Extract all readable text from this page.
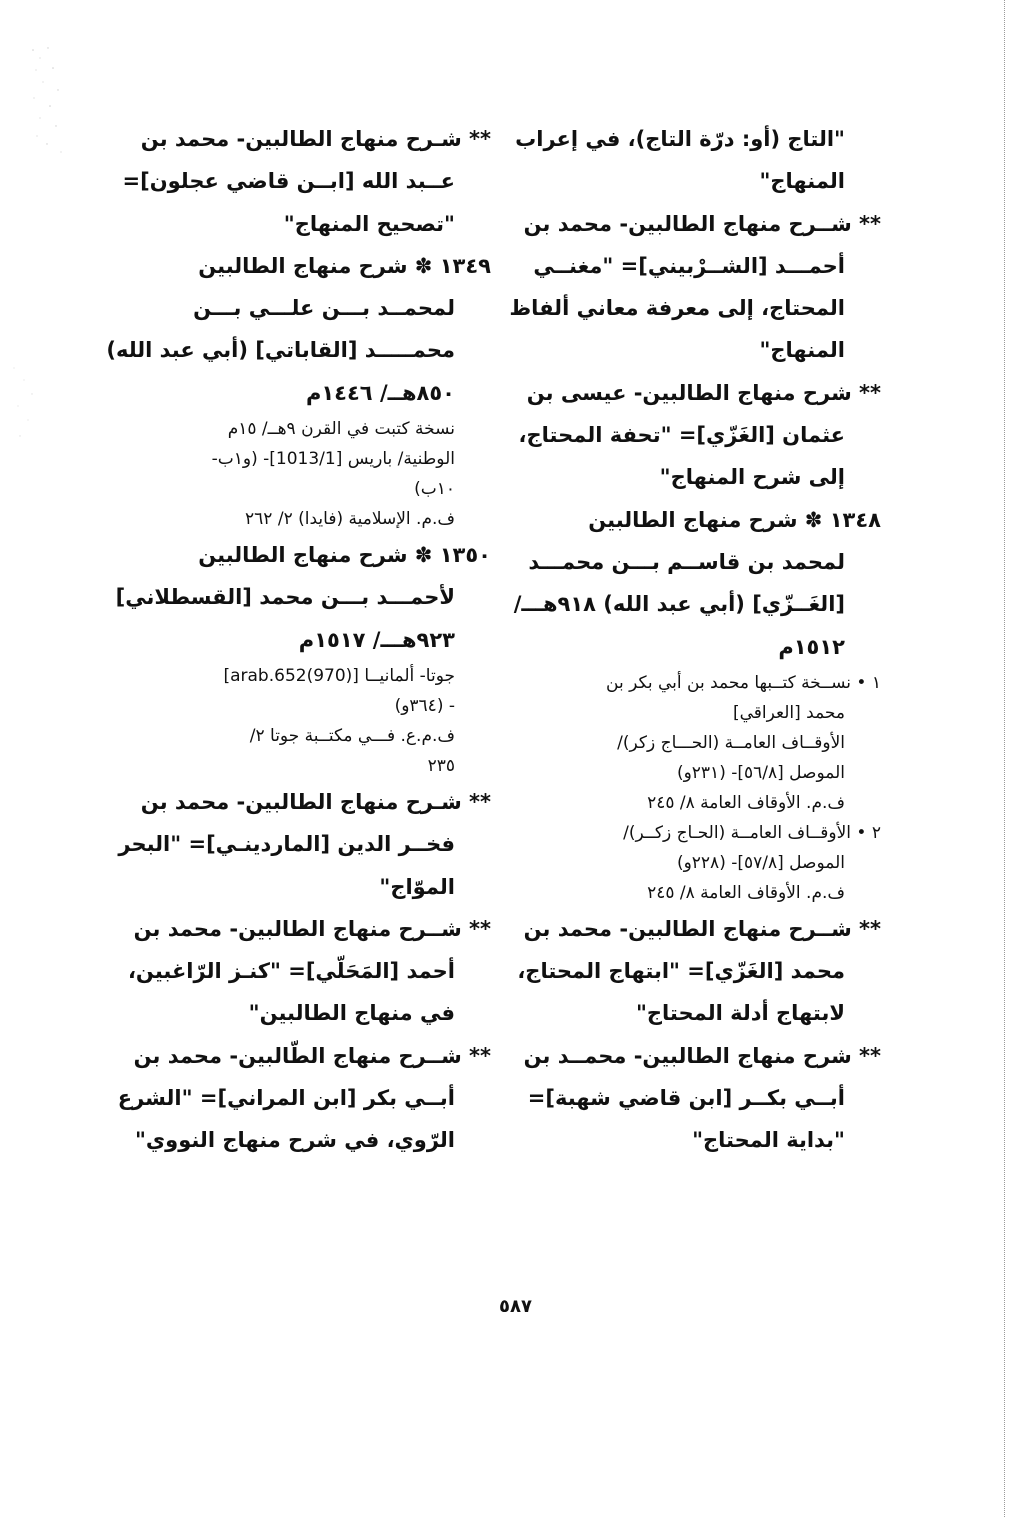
"التاج (أو: درّة التاج)، في إعراب
المنهاج"
** شــرح منهاج الطالبين- محمد بن
أحمـــد [الشــرْبيني]= "مغنــي
المحتاج، إلى معرفة معاني ألفاظ
المنهاج"
** شرح منهاج الطالبين- عيسى بن
عثمان [الغَزّي]= "تحفة المحتاج،
إلى شرح المنهاج"
١٣٤٨ ✽ شرح منهاج الطالبين
لمحمد بن قاســم بـــن محمـــد
[الغَــزّي] (أبي عبد الله) ٩١٨هـــ/
١٥١٢م
١ • نســخة كتــبها محمد بن أبي بكر بن
محمد [العراقي]
الأوقــاف العامــة (الحـــاج زكر)/
الموصل [٥٦/٨]- (٢٣١و)
ف.م. الأوقاف العامة ٨/ ٢٤٥
٢ • الأوقــاف العامــة (الحـاج زكــر)/
الموصل [٥٧/٨]- (٢٢٨و)
ف.م. الأوقاف العامة ٨/ ٢٤٥
** شــرح منهاج الطالبين- محمد بن
محمد [الغَزّي]= "ابتهاج المحتاج،
لابتهاج أدلة المحتاج"
** شرح منهاج الطالبين- محمــد بن
أبــي بكــر [ابن قاضي شهبة]=
"بداية المحتاج"
** شـرح منهاج الطالبين- محمد بن
عــبد الله [ابــن قاضي عجلون]=
"تصحيح المنهاج"
١٣٤٩ ✽ شرح منهاج الطالبين
لمحمــد بـــن علـــي بـــن
محمـــــد [القاباتي] (أبي عبد الله)
٨٥٠هــ/ ١٤٤٦م
نسخة كتبت في القرن ٩هــ/ ١٥م
الوطنية/ باريس [1013/1]- (و١ب-
١٠ب)
ف.م. الإسلامية (فايدا) ٢/ ٢٦٢
١٣٥٠ ✽ شرح منهاج الطالبين
لأحمـــد بـــن محمد [القسطلاني]
٩٢٣هـــ/ ١٥١٧م
جوتا- ألمانيــا [arab.652(970)]
- (٣٦٤و)
ف.م.ع. فـــي مكتــبة جوتا ٢/
٢٣٥
** شـرح منهاج الطالبين- محمد بن
فخــر الدين [الماردينـي]= "البحر
الموّاج"
** شــرح منهاج الطالبين- محمد بن
أحمد [المَحَلّي]= "كنـز الرّاغبين،
في منهاج الطالبين"
** شــرح منهاج الطّالبين- محمد بن
أبــي بكر [ابن المراني]= "الشرع
الرّوي، في شرح منهاج النووي"
٥٨٧
